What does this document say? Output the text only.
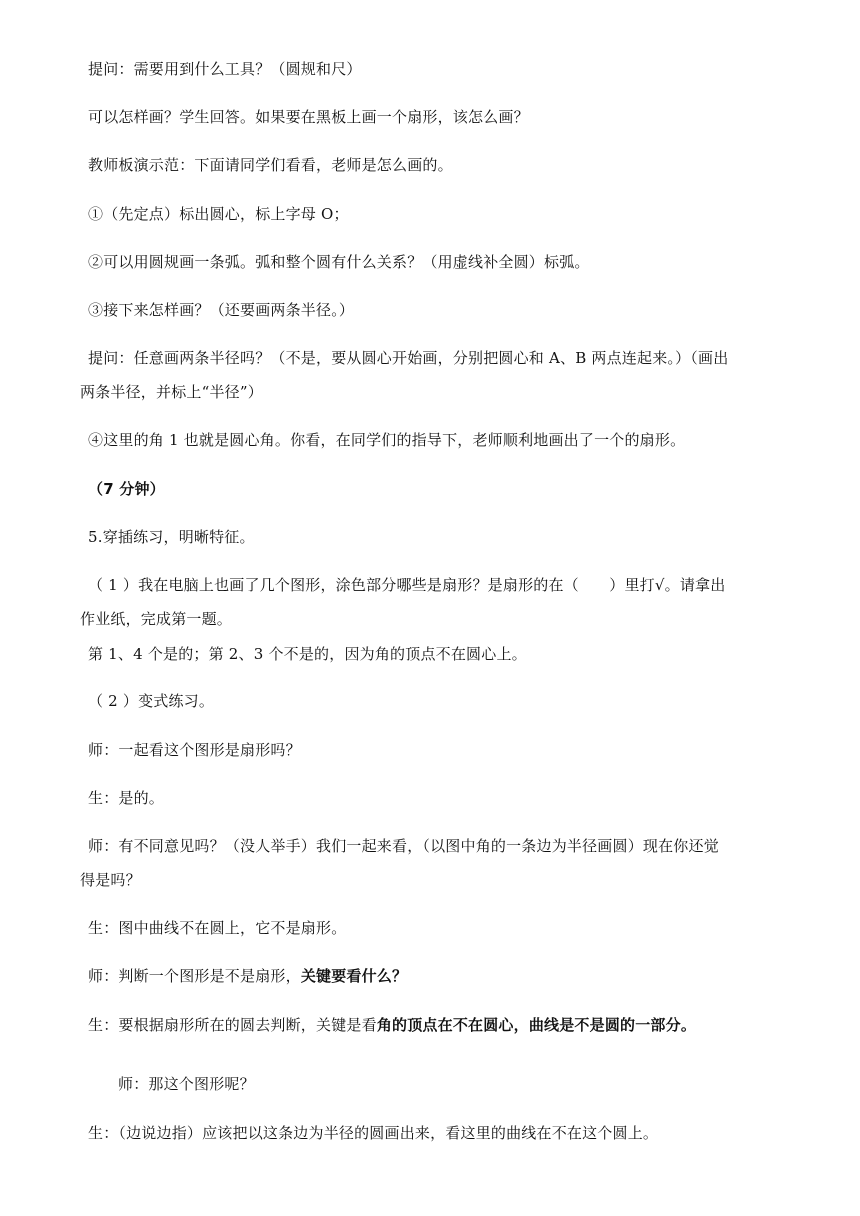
提问：需要用到什么工具？（圆规和尺）
可以怎样画？学生回答。如果要在黑板上画一个扇形，该怎么画？
教师板演示范：下面请同学们看看，老师是怎么画的。
①（先定点）标出圆心，标上字母 O；
②可以用圆规画一条弧。弧和整个圆有什么关系？（用虚线补全圆）标弧。
③接下来怎样画？（还要画两条半径。）
提问：任意画两条半径吗？（不是，要从圆心开始画，分别把圆心和 A、B 两点连起来。）（画出
两条半径，并标上“半径”）
④这里的角 1 也就是圆心角。你看，在同学们的指导下，老师顺利地画出了一个的扇形。
（7 分钟）
5.穿插练习，明晰特征。
（ 1 ）我在电脑上也画了几个图形，涂色部分哪些是扇形？是扇形的在（　　）里打√。请拿出
作业纸，完成第一题。
第 1、4 个是的；第 2、3 个不是的，因为角的顶点不在圆心上。
（ 2 ）变式练习。
师：一起看这个图形是扇形吗？
生：是的。
师：有不同意见吗？（没人举手）我们一起来看，（以图中角的一条边为半径画圆）现在你还觉
得是吗？
生：图中曲线不在圆上，它不是扇形。
师：判断一个图形是不是扇形，关键要看什么？
生：要根据扇形所在的圆去判断，关键是看角的顶点在不在圆心，曲线是不是圆的一部分。
师：那这个图形呢？
生：（边说边指）应该把以这条边为半径的圆画出来，看这里的曲线在不在这个圆上。
